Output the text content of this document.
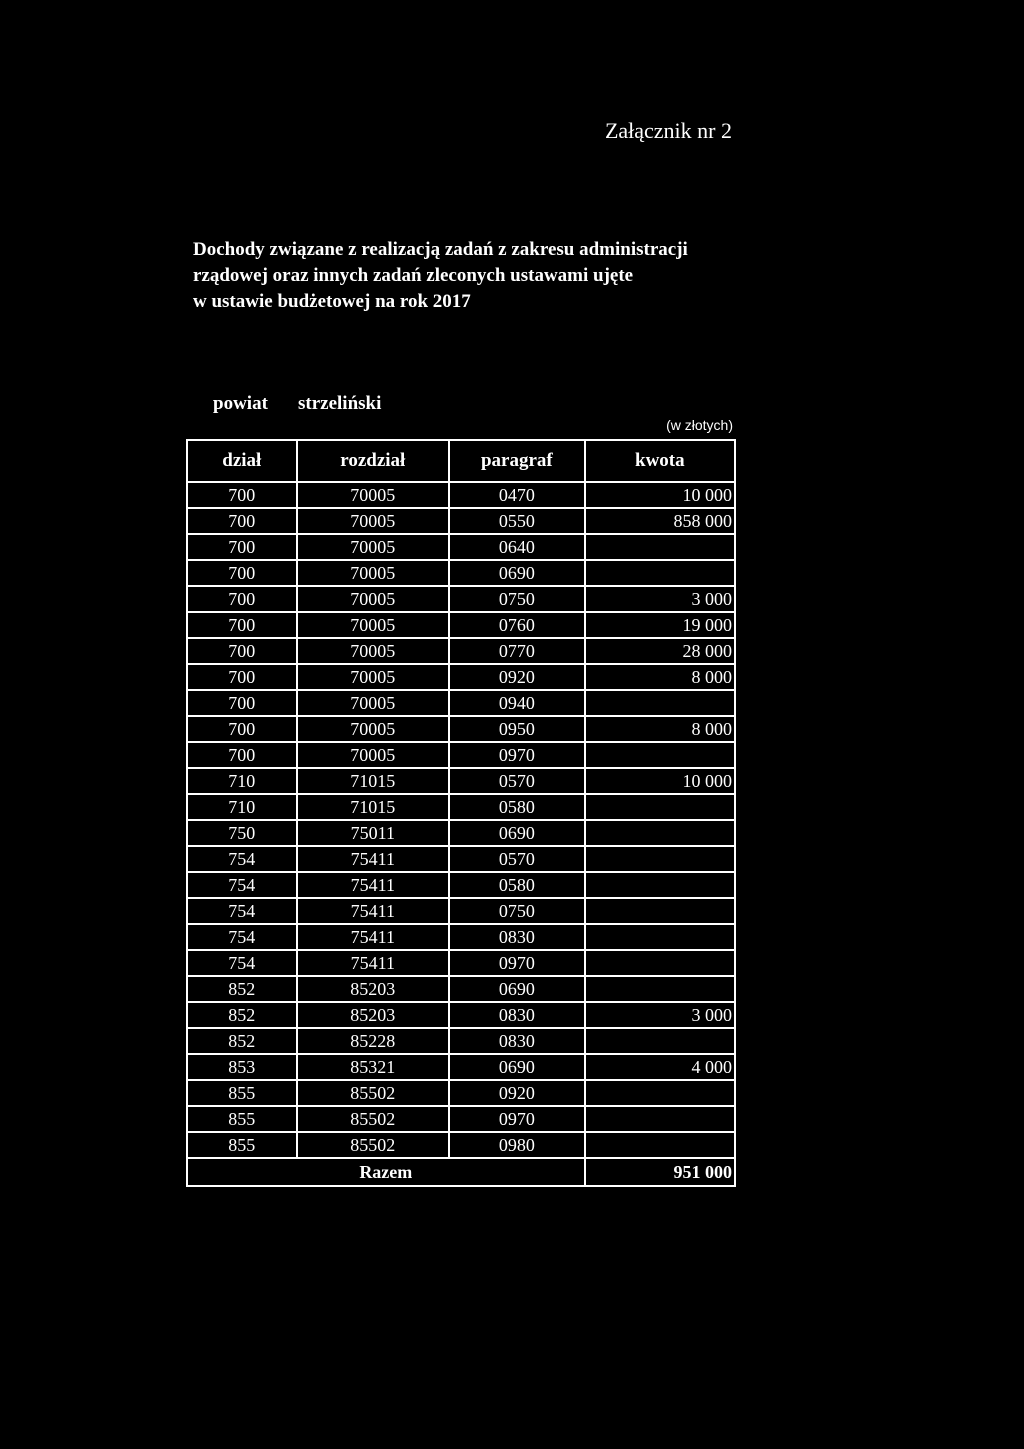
Załącznik nr 2
Dochody związane z realizacją zadań z zakresu administracji
rządowej oraz innych zadań zleconych ustawami ujęte
w ustawie budżetowej na rok 2017
powiat strzeliński
(w złotych)
dział	rozdział	paragraf	kwota
700	70005	0470	10 000
700	70005	0550	858 000
700	70005	0640	
700	70005	0690	
700	70005	0750	3 000
700	70005	0760	19 000
700	70005	0770	28 000
700	70005	0920	8 000
700	70005	0940	
700	70005	0950	8 000
700	70005	0970	
710	71015	0570	10 000
710	71015	0580	
750	75011	0690	
754	75411	0570	
754	75411	0580	
754	75411	0750	
754	75411	0830	
754	75411	0970	
852	85203	0690	
852	85203	0830	3 000
852	85228	0830	
853	85321	0690	4 000
855	85502	0920	
855	85502	0970	
855	85502	0980	
Razem			951 000
